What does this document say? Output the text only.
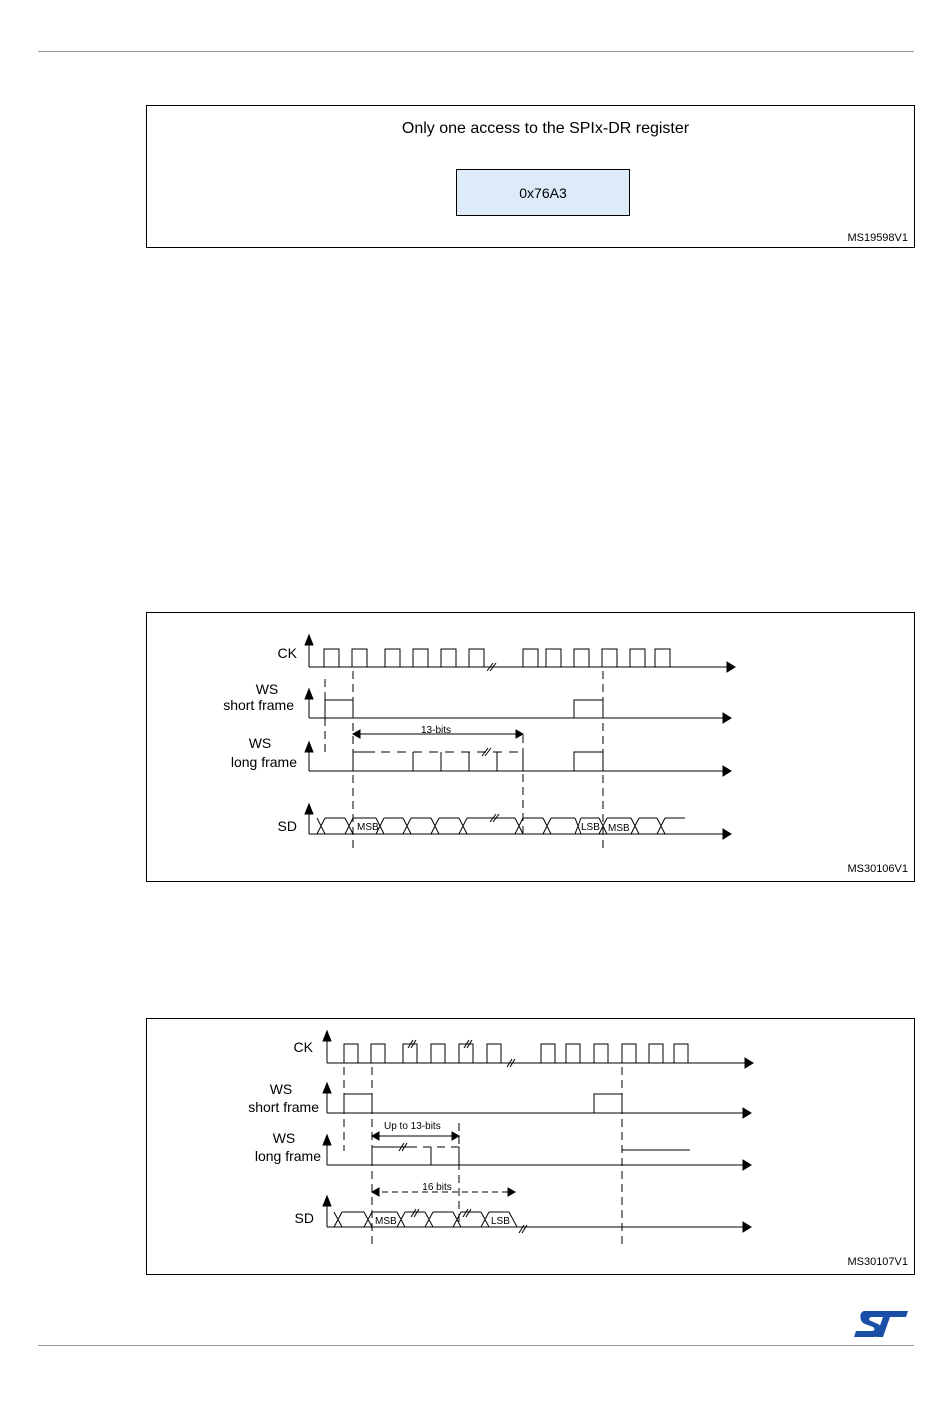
Only one access to the SPIx-DR register
0x76A3
MS19598V1
CK
WS
short frame
WS
long frame
SD
13-bits
MSB	LSB MSB
MS30106V1
CK
WS
short frame
WS
long frame
SD
Up to 13-bits
16 bits
MSB	LSB
MS30107V1
